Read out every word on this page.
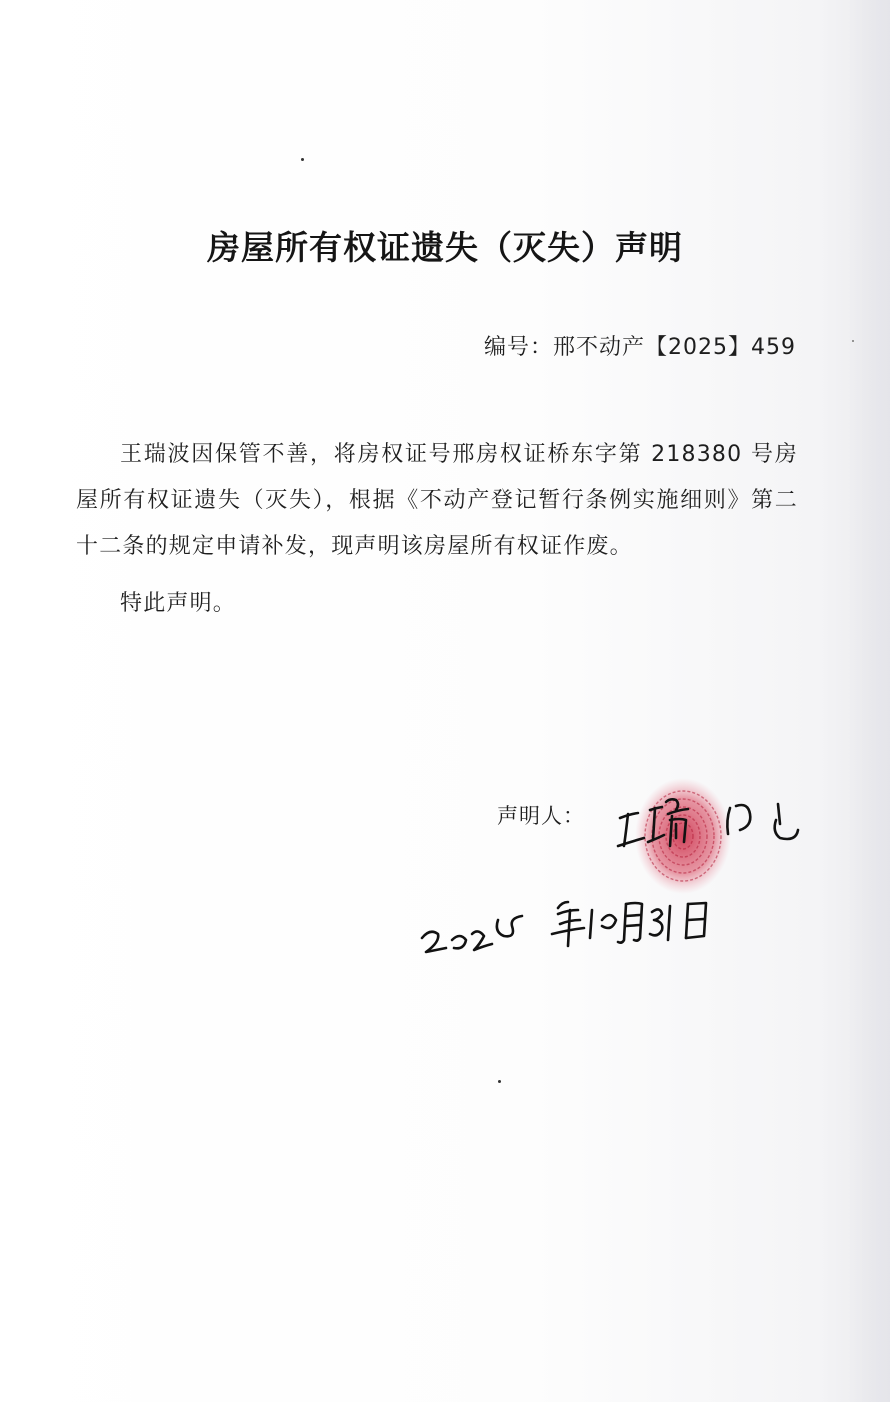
房屋所有权证遗失（灭失）声明
编号：邢不动产【2025】459
王瑞波因保管不善，将房权证号邢房权证桥东字第 218380 号房屋所有权证遗失（灭失），根据《不动产登记暂行条例实施细则》第二十二条的规定申请补发，现声明该房屋所有权证作废。
特此声明。
声明人：
